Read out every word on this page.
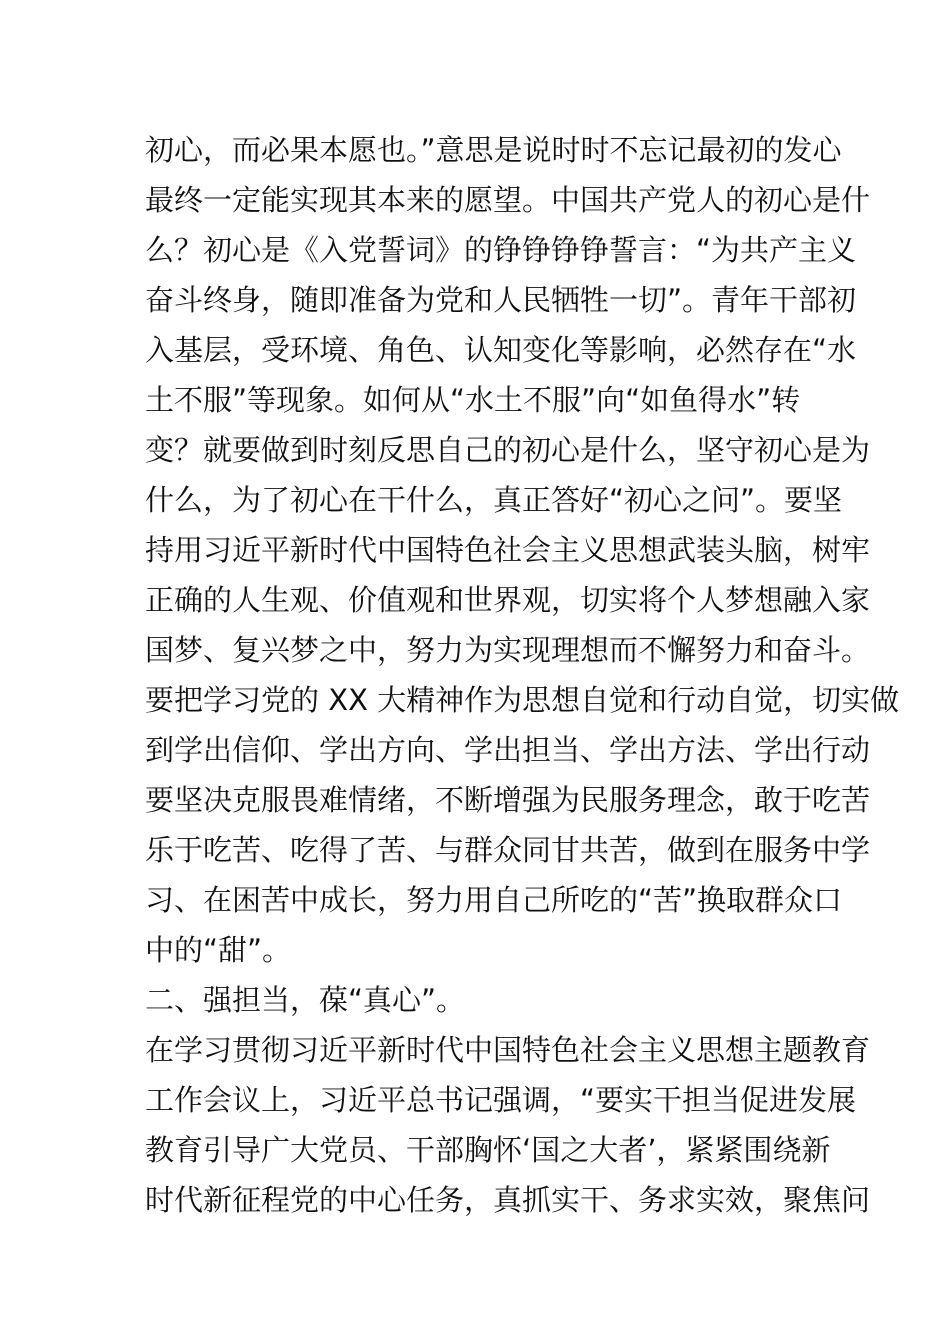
初心，而必果本愿也。”意思是说时时不忘记最初的发心
最终一定能实现其本来的愿望。中国共产党人的初心是什
么？初心是《入党誓词》的铮铮铮铮誓言：“为共产主义
奋斗终身，随即准备为党和人民牺牲一切”。青年干部初
入基层，受环境、角色、认知变化等影响，必然存在“水
土不服”等现象。如何从“水土不服”向“如鱼得水”转
变？就要做到时刻反思自己的初心是什么，坚守初心是为
什么，为了初心在干什么，真正答好“初心之问”。要坚
持用习近平新时代中国特色社会主义思想武装头脑，树牢
正确的人生观、价值观和世界观，切实将个人梦想融入家
国梦、复兴梦之中，努力为实现理想而不懈努力和奋斗。
要把学习党的 XX 大精神作为思想自觉和行动自觉，切实做
到学出信仰、学出方向、学出担当、学出方法、学出行动
要坚决克服畏难情绪，不断增强为民服务理念，敢于吃苦
乐于吃苦、吃得了苦、与群众同甘共苦，做到在服务中学
习、在困苦中成长，努力用自己所吃的“苦”换取群众口
中的“甜”。
二、强担当，葆“真心”。
在学习贯彻习近平新时代中国特色社会主义思想主题教育
工作会议上，习近平总书记强调，“要实干担当促进发展
教育引导广大党员、干部胸怀‘国之大者’，紧紧围绕新
时代新征程党的中心任务，真抓实干、务求实效，聚焦问
